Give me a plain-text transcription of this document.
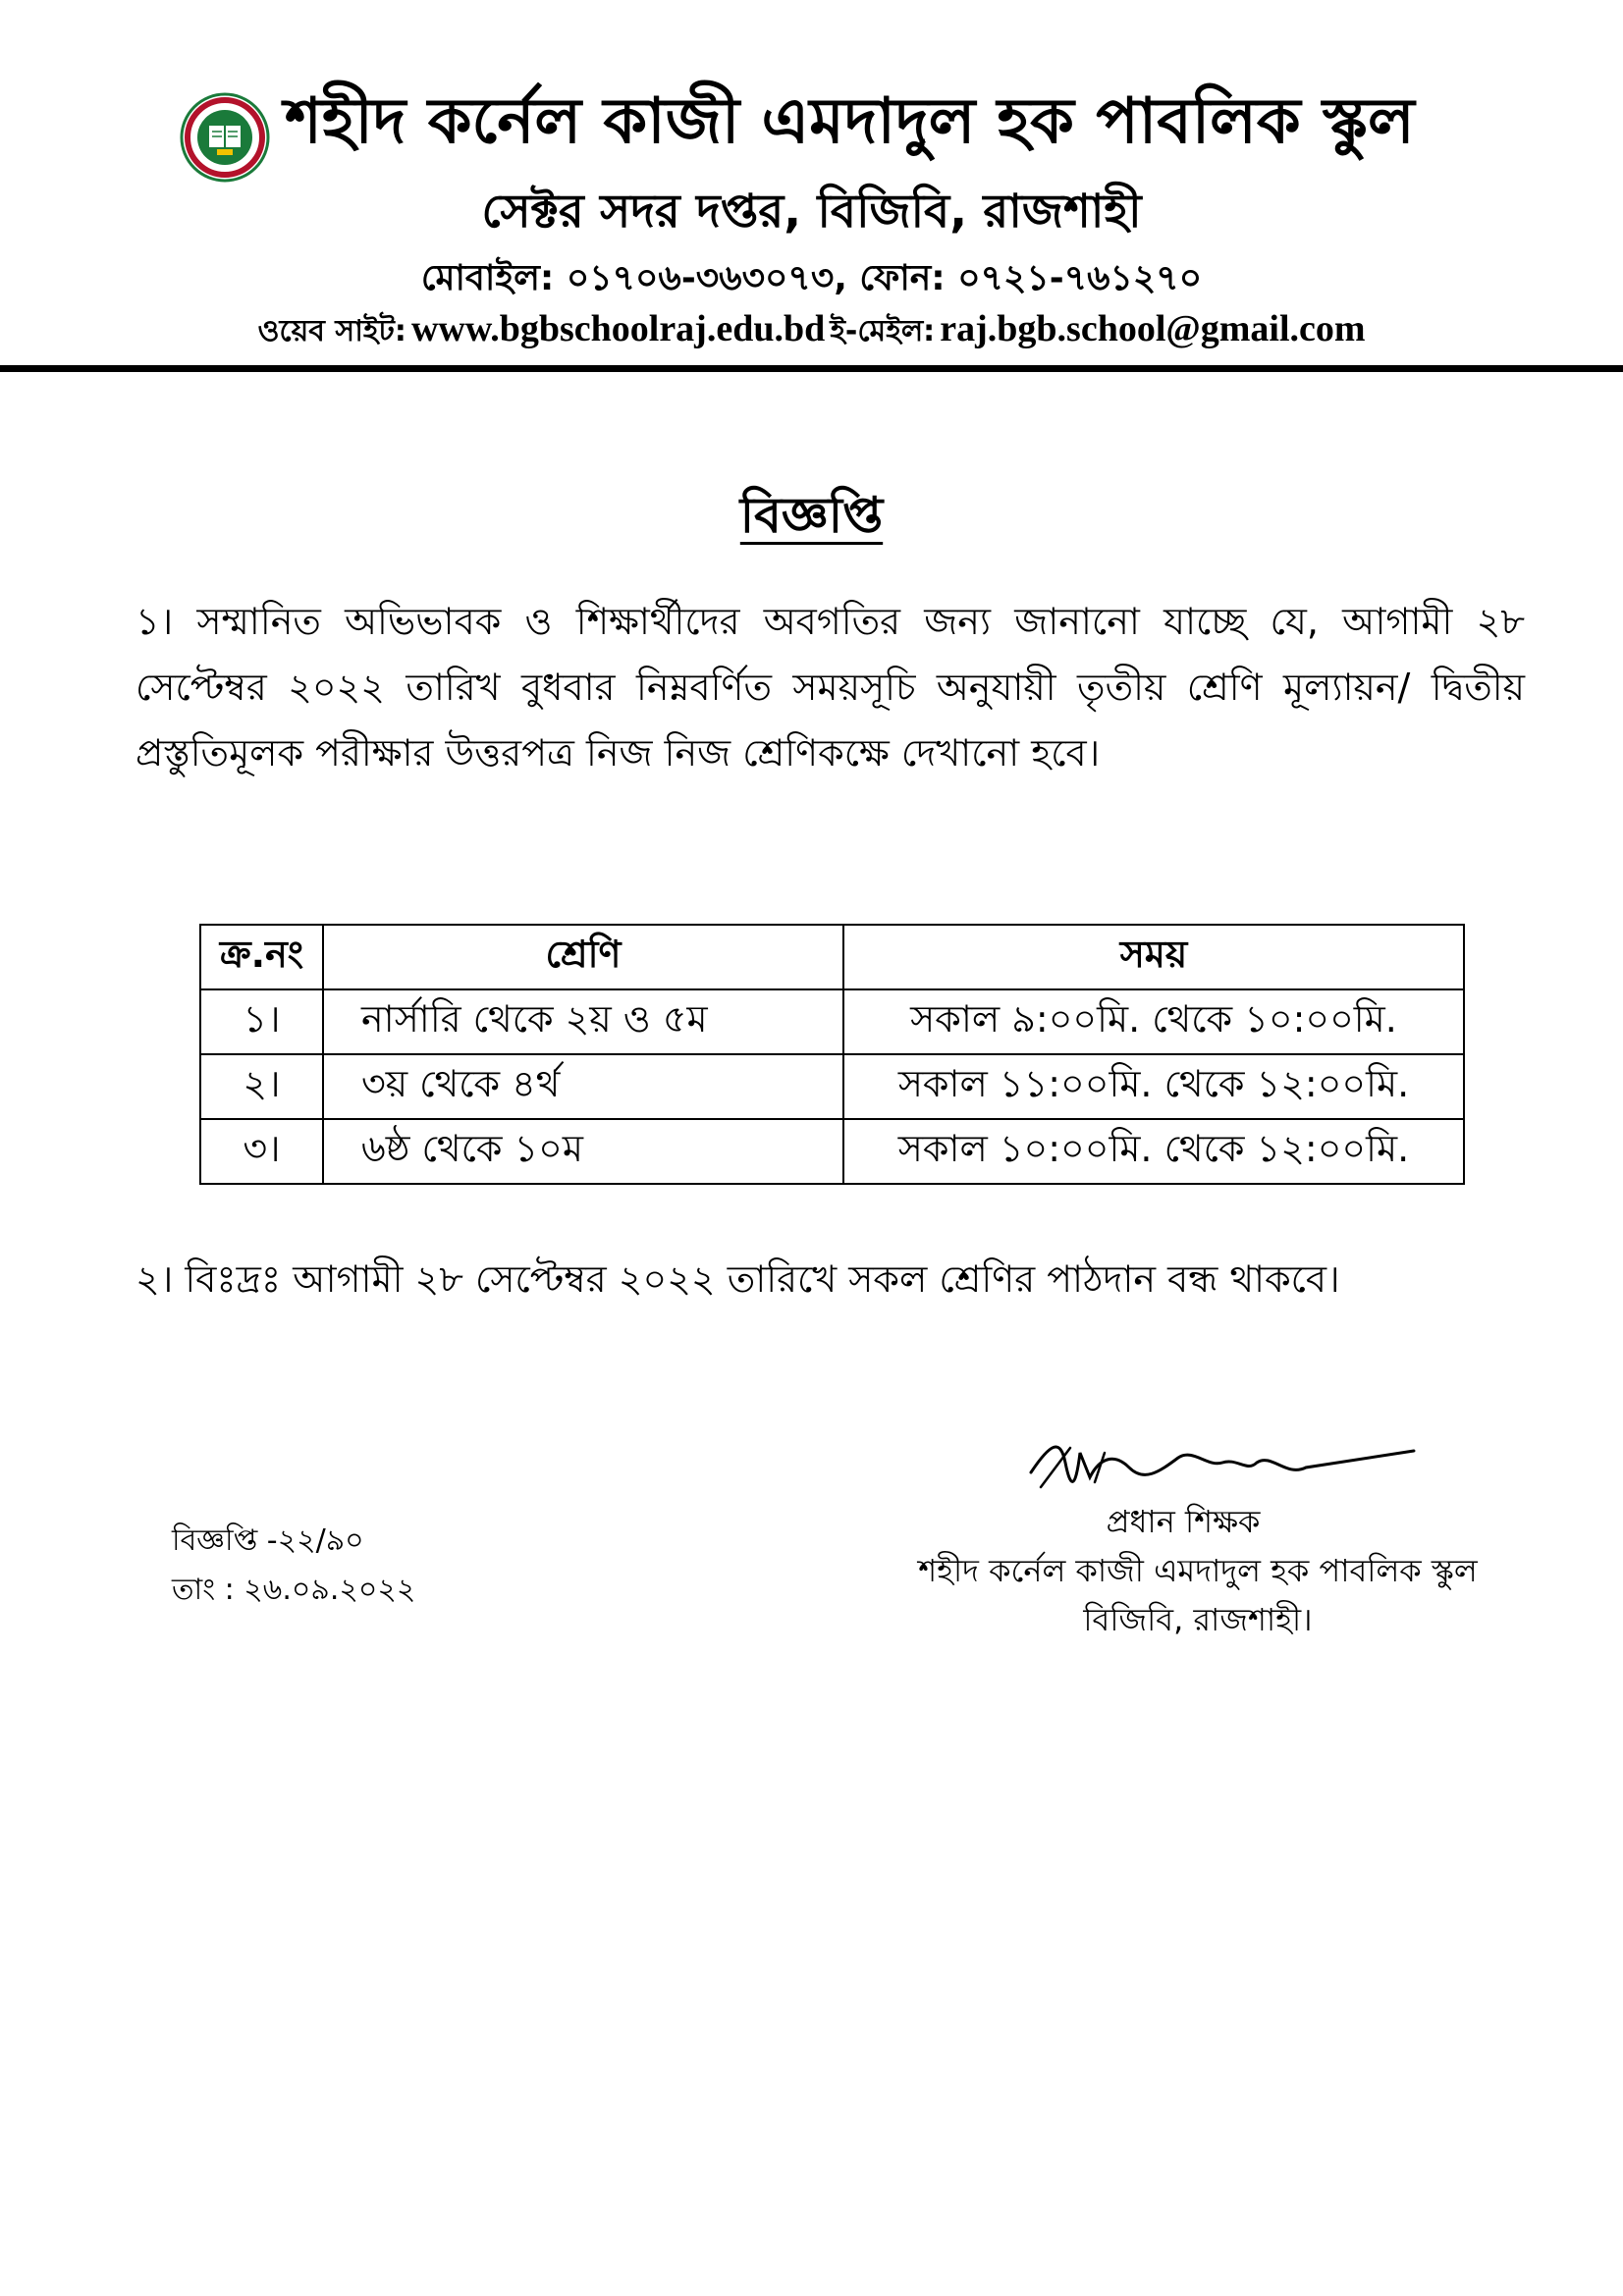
শহীদ কর্নেল কাজী এমদাদুল হক পাবলিক স্কুল
সেক্টর সদর দপ্তর, বিজিবি, রাজশাহী
মোবাইল: ০১৭০৬-৩৬৩০৭৩, ফোন: ০৭২১-৭৬১২৭০
ওয়েব সাইট: www.bgbschoolraj.edu.bd ই-মেইল: raj.bgb.school@gmail.com
বিজ্ঞপ্তি
১। সম্মানিত অভিভাবক ও শিক্ষার্থীদের অবগতির জন্য জানানো যাচ্ছে যে, আগামী ২৮ সেপ্টেম্বর ২০২২ তারিখ বুধবার নিম্নবর্ণিত সময়সূচি অনুযায়ী তৃতীয় শ্রেণি মূল্যায়ন/ দ্বিতীয় প্রস্তুতিমূলক পরীক্ষার উত্তরপত্র নিজ নিজ শ্রেণিকক্ষে দেখানো হবে।
ক্র.নং	শ্রেণি	সময়
১।	নার্সারি থেকে ২য় ও ৫ম	সকাল ৯:০০মি. থেকে ১০:০০মি.
২।	৩য় থেকে ৪র্থ	সকাল ১১:০০মি. থেকে ১২:০০মি.
৩।	৬ষ্ঠ থেকে ১০ম	সকাল ১০:০০মি. থেকে ১২:০০মি.
২। বিঃদ্রঃ আগামী ২৮ সেপ্টেম্বর ২০২২ তারিখে সকল শ্রেণির পাঠদান বন্ধ থাকবে।
প্রধান শিক্ষক
শহীদ কর্নেল কাজী এমদাদুল হক পাবলিক স্কুল
বিজিবি, রাজশাহী।
বিজ্ঞপ্তি -২২/৯০
তাং : ২৬.০৯.২০২২
